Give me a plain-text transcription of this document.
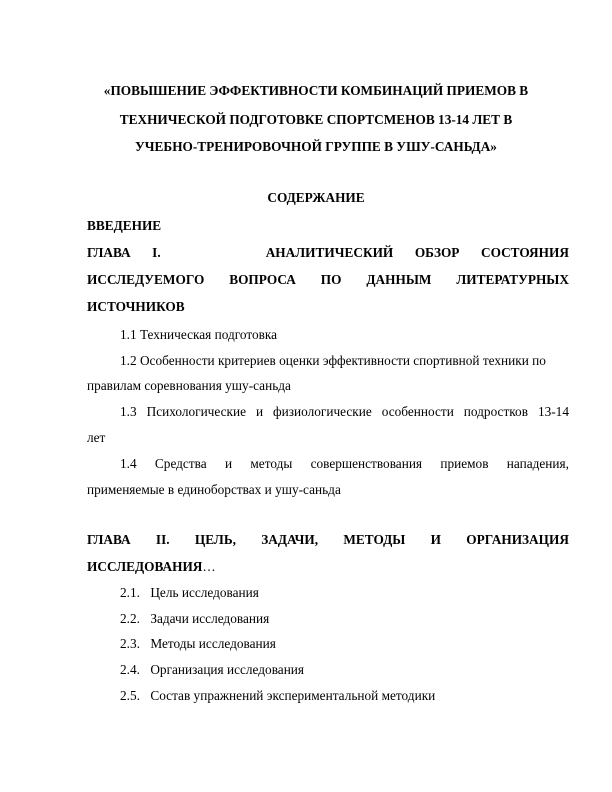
«ПОВЫШЕНИЕ ЭФФЕКТИВНОСТИ КОМБИНАЦИЙ ПРИЕМОВ В
ТЕХНИЧЕСКОЙ ПОДГОТОВКЕ СПОРТСМЕНОВ 13-14 ЛЕТ В
УЧЕБНО-ТРЕНИРОВОЧНОЙ ГРУППЕ В УШУ-САНЬДА»
СОДЕРЖАНИЕ
ВВЕДЕНИЕ
ГЛАВА I.	АНАЛИТИЧЕСКИЙ ОБЗОР СОСТОЯНИЯ
ИССЛЕДУЕМОГО ВОПРОСА ПО ДАННЫМ ЛИТЕРАТУРНЫХ
ИСТОЧНИКОВ
1.1 Техническая подготовка
1.2 Особенности критериев оценки эффективности спортивной техники по
правилам соревнования ушу-саньда
1.3 Психологические и физиологические особенности подростков 13-14
лет
1.4 Средства и методы совершенствования приемов нападения,
применяемые в единоборствах и ушу-саньда
ГЛАВА II. ЦЕЛЬ, ЗАДАЧИ, МЕТОДЫ И ОРГАНИЗАЦИЯ
ИССЛЕДОВАНИЯ…
2.1. Цель исследования
2.2. Задачи исследования
2.3. Методы исследования
2.4. Организация исследования
2.5. Состав упражнений экспериментальной методики
